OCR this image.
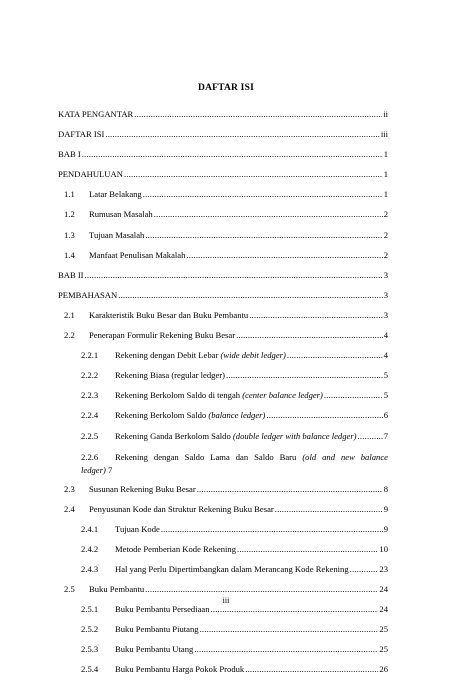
DAFTAR ISI
KATA PENGANTAR .....	ii
DAFTAR ISI .....	iii
BAB I .....	1
PENDAHULUAN .....	1
1.1	Latar Belakang .....	1
1.2	Rumusan Masalah .....	2
1.3	Tujuan Masalah .....	2
1.4	Manfaat Penulisan Makalah .....	2
BAB II .....	3
PEMBAHASAN .....	3
2.1	Karakteristik Buku Besar dan Buku Pembantu .....	3
2.2	Penerapan Formulir Rekening Buku Besar .....	4
2.2.1	Rekening dengan Debit Lebar (wide debit ledger) .....	4
2.2.2	Rekening Biasa (regular ledger) .....	5
2.2.3	Rekening Berkolom Saldo di tengah (center balance ledger) .....	5
2.2.4	Rekening Berkolom Saldo (balance ledger) .....	6
2.2.5	Rekening Ganda Berkolom Saldo (double ledger with balance ledger) .....	7
2.2.6	Rekening dengan Saldo Lama dan Saldo Baru (old and new balance
ledger) 7
2.3	Susunan Rekening Buku Besar .....	8
2.4	Penyusunan Kode dan Struktur Rekening Buku Besar .....	9
2.4.1	Tujuan Kode .....	9
2.4.2	Metode Pemberian Kode Rekening .....	10
2.4.3	Hal yang Perlu Dipertimbangkan dalam Merancang Kode Rekening .....	23
2.5	Buku Pembantu .....	24
2.5.1	Buku Pembantu Persediaan .....	24
2.5.2	Buku Pembantu Piutang .....	25
2.5.3	Buku Pembantu Utang .....	25
2.5.4	Buku Pembantu Harga Pokok Produk .....	26
iii
